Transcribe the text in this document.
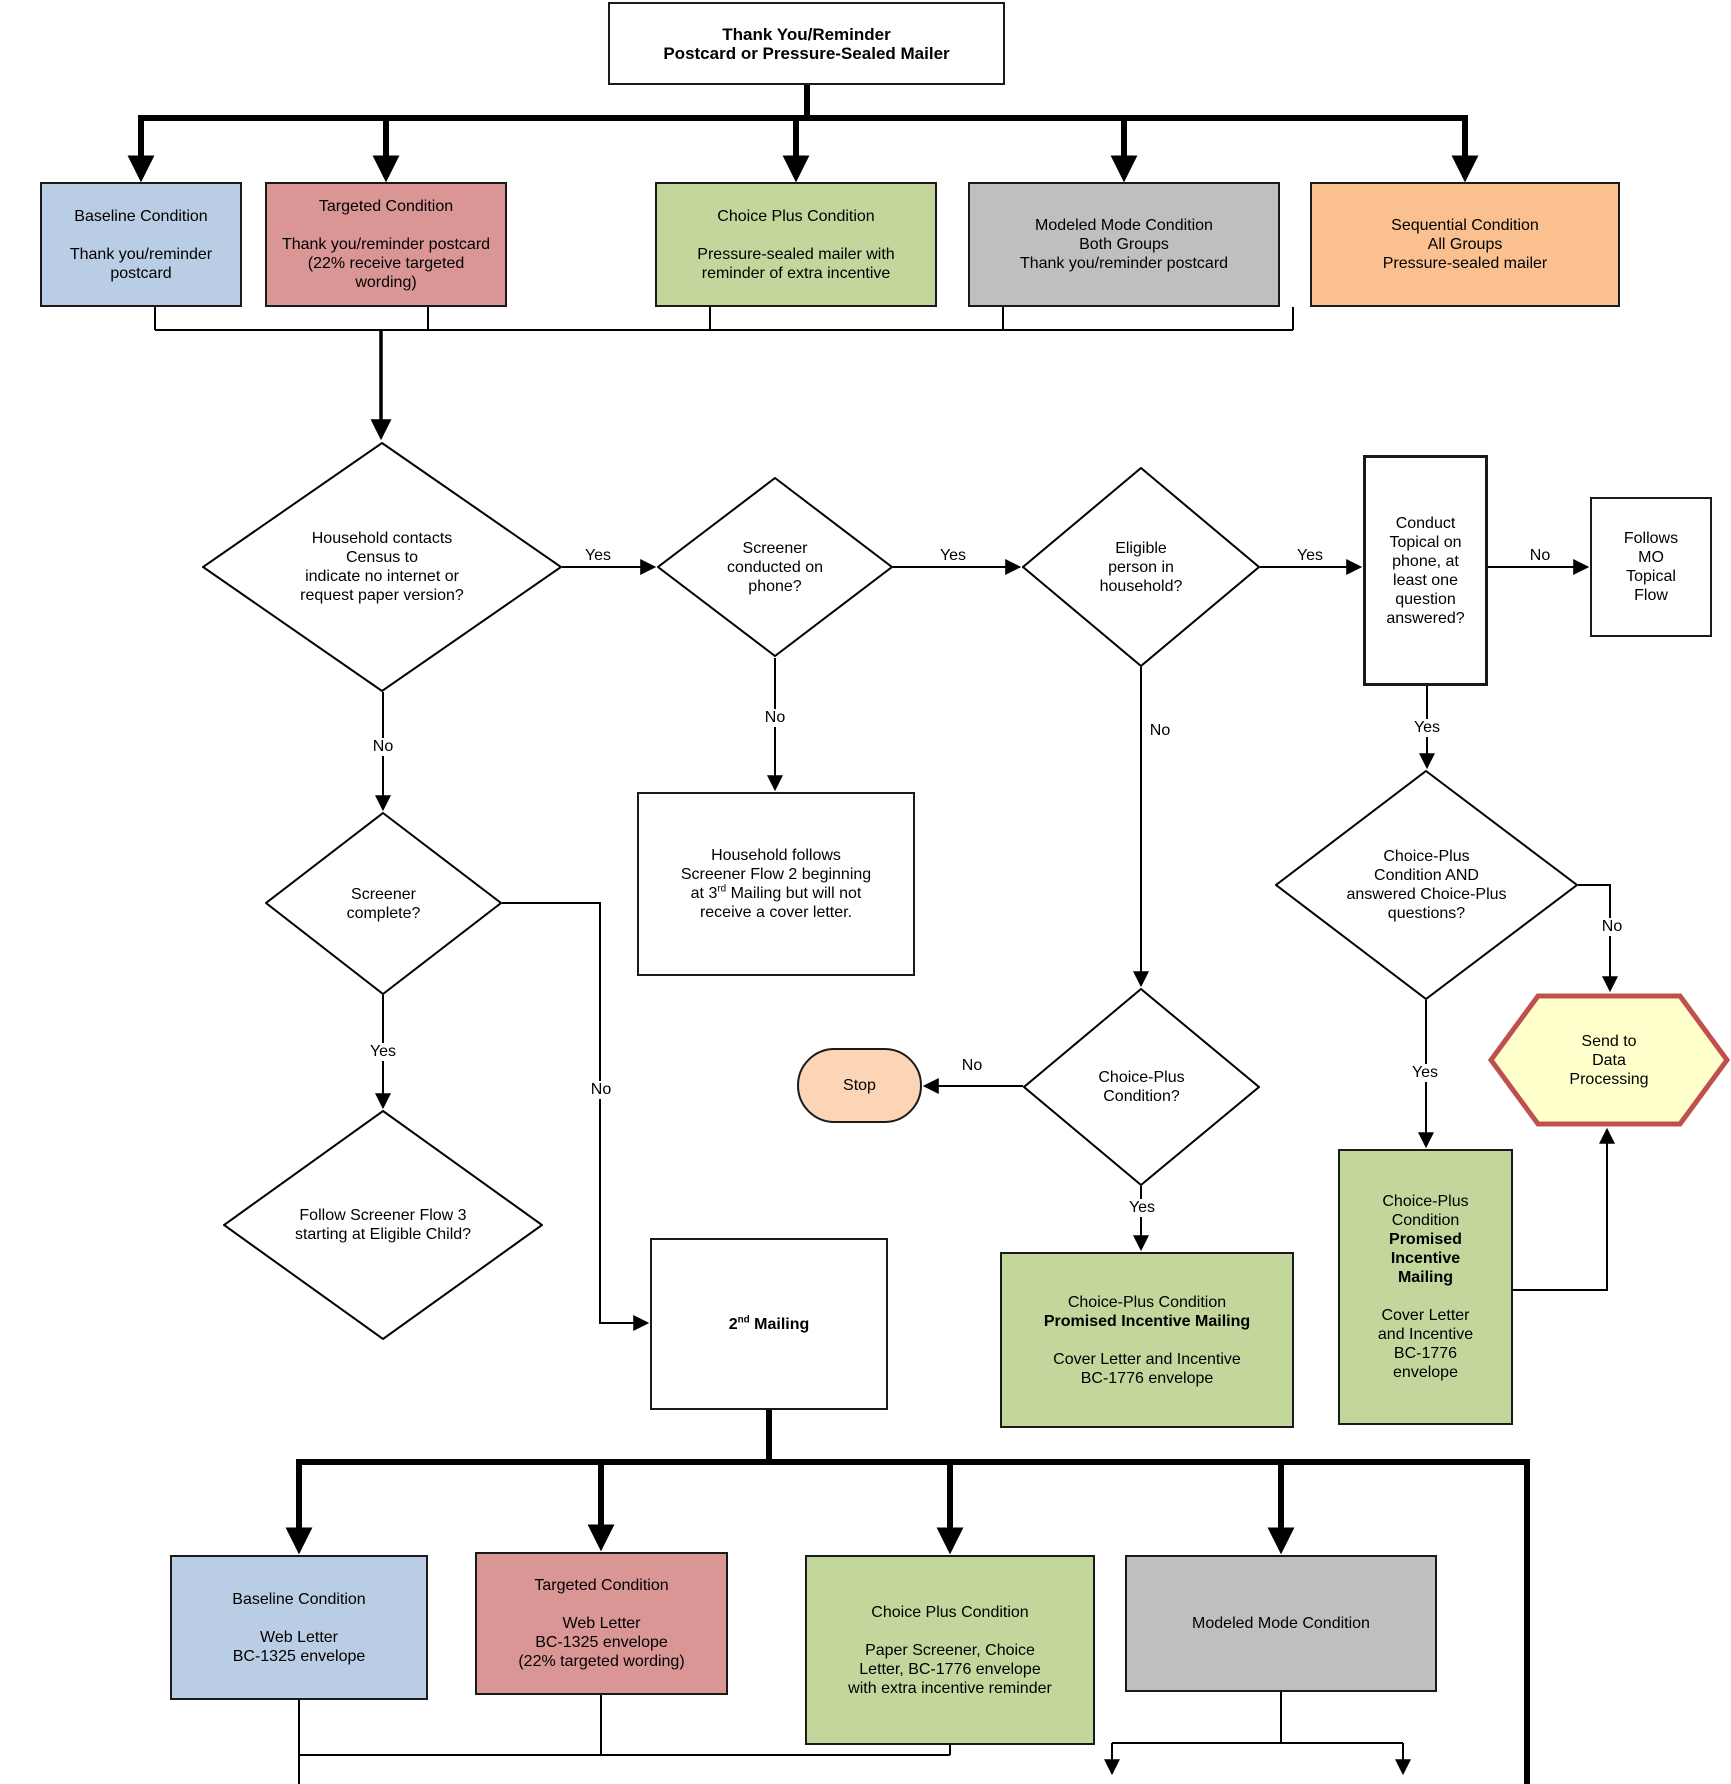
Thank You/Reminder
Postcard or Pressure-Sealed Mailer
Baseline Condition

Thank you/reminder
postcard
Targeted Condition

Thank you/reminder postcard
(22% receive targeted
wording)
Choice Plus Condition

Pressure-sealed mailer with
reminder of extra incentive
Modeled Mode Condition
Both Groups
Thank you/reminder postcard
Sequential Condition
All Groups
Pressure-sealed mailer
Household contacts
Census to
indicate no internet or
request paper version?
Screener
conducted on
phone?
Eligible
person in
household?
Conduct
Topical on
phone, at
least one
question
answered?
Follows
MO
Topical
Flow
Household follows
Screener Flow 2 beginning
at 3rd Mailing but will not
receive a cover letter.
Screener
complete?
Follow Screener Flow 3
starting at Eligible Child?
Stop	Choice-Plus
Condition?
Choice-Plus
Condition AND
answered Choice-Plus
questions?
Send to
Data
Processing
Choice-Plus
Condition
Promised
Incentive
Mailing

Cover Letter
and Incentive
BC-1776
envelope
Choice-Plus Condition
Promised Incentive Mailing

Cover Letter and Incentive
BC-1776 envelope
2nd Mailing
Baseline Condition

Web Letter
BC-1325 envelope
Targeted Condition

Web Letter
BC-1325 envelope
(22% targeted wording)
Choice Plus Condition

Paper Screener, Choice
Letter, BC-1776 envelope
with extra incentive reminder
Modeled Mode Condition
Yes	Yes	Yes	No
No
No
No	Yes
Yes
No
No
Yes
No
Yes
